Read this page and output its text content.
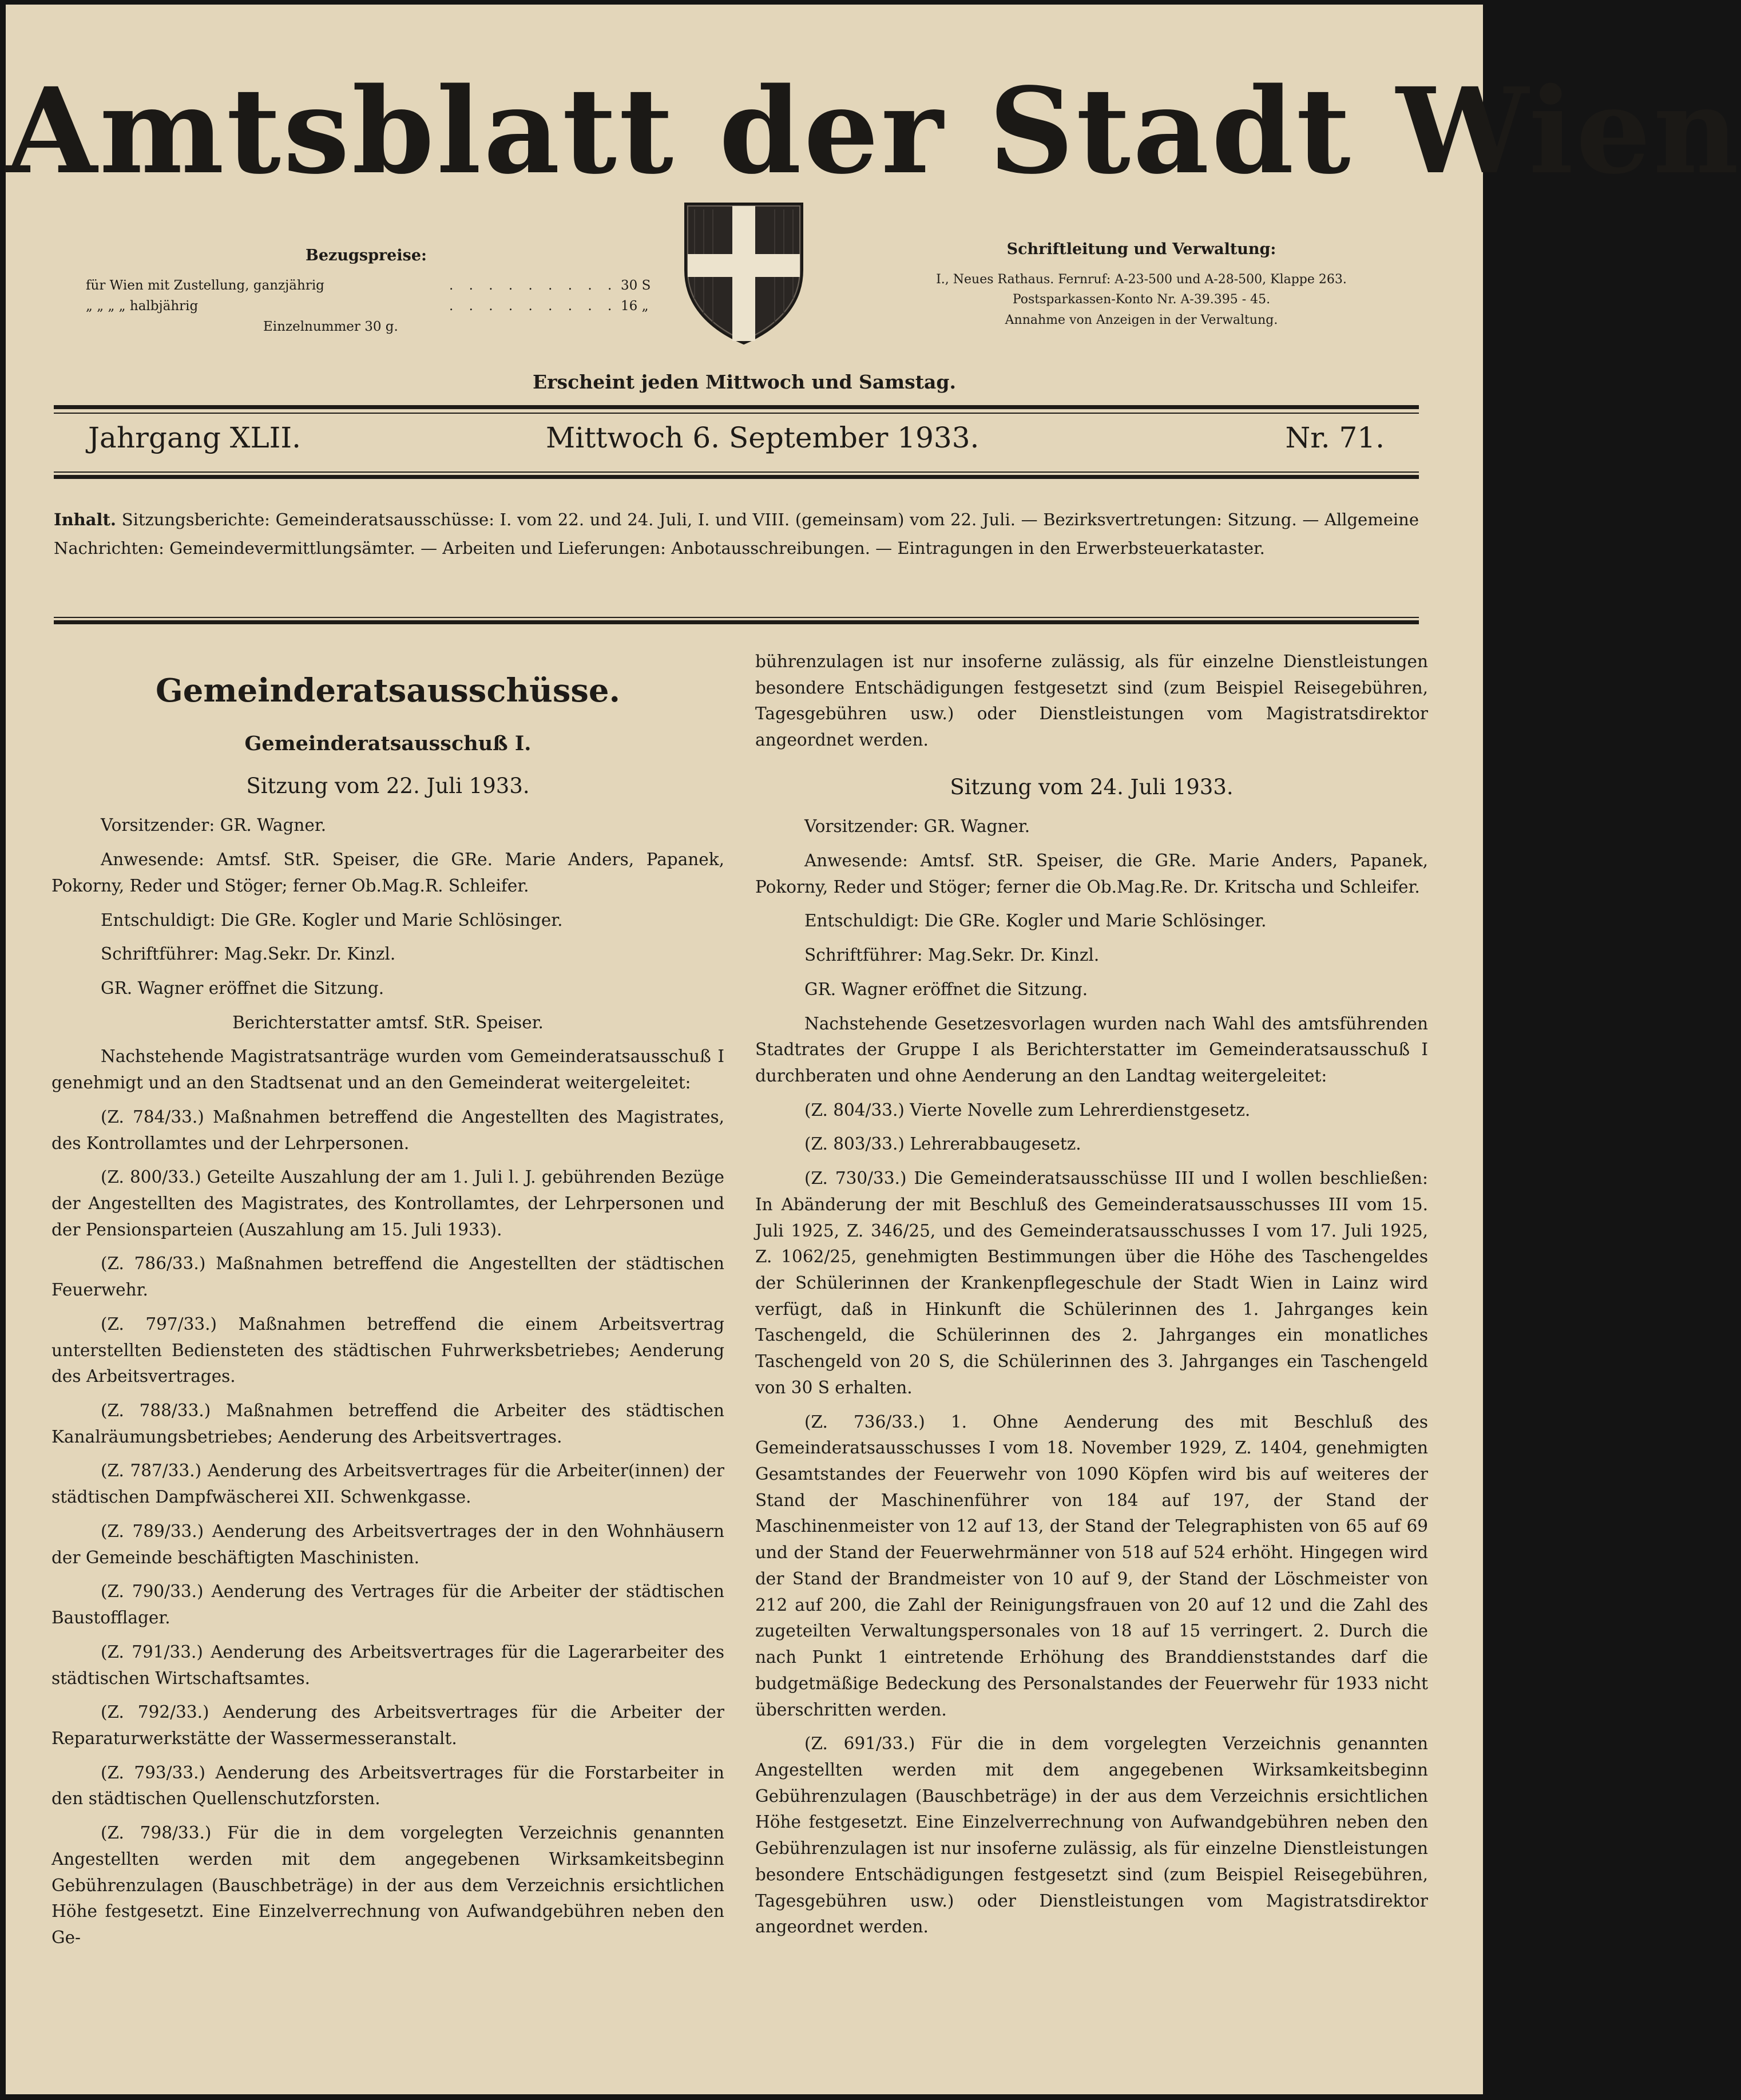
Amtsblatt der Stadt Wien
Bezugspreise:
für Wien mit Zustellung, ganzjährig	. . . . . . . . . 30 S
„ „ „ „ halbjährig	. . . . . . . . . 16 „
Einzelnummer 30 g.
Schriftleitung und Verwaltung:
I., Neues Rathaus. Fernruf: A-23-500 und A-28-500, Klappe 263.
Postsparkassen-Konto Nr. A-39.395 - 45.
Annahme von Anzeigen in der Verwaltung.
Erscheint jeden Mittwoch und Samstag.
Jahrgang XLII.	Mittwoch 6. September 1933.	Nr. 71.
Inhalt. Sitzungsberichte: Gemeinderatsausschüsse: I. vom 22. und 24. Juli, I. und VIII. (gemeinsam) vom 22. Juli. — Bezirksvertretungen: Sitzung. — Allgemeine Nachrichten: Gemeindevermittlungsämter. — Arbeiten und Lieferungen: Anbotausschreibungen. — Eintragungen in den Erwerbsteuerkataster.
Gemeinderatsausschüsse.
Gemeinderatsausschuß I.
Sitzung vom 22. Juli 1933.

Vorsitzender: GR. Wagner.

Anwesende: Amtsf. StR. Speiser, die GRe. Marie Anders, Papanek, Pokorny, Reder und Stöger; ferner Ob.Mag.R. Schleifer.

Entschuldigt: Die GRe. Kogler und Marie Schlösinger.

Schriftführer: Mag.Sekr. Dr. Kinzl.

GR. Wagner eröffnet die Sitzung.

Berichterstatter amtsf. StR. Speiser.

Nachstehende Magistratsanträge wurden vom Gemeinderatsausschuß I genehmigt und an den Stadtsenat und an den Gemeinderat weitergeleitet:

(Z. 784/33.) Maßnahmen betreffend die Angestellten des Magistrates, des Kontrollamtes und der Lehrpersonen.

(Z. 800/33.) Geteilte Auszahlung der am 1. Juli l. J. gebührenden Bezüge der Angestellten des Magistrates, des Kontrollamtes, der Lehrpersonen und der Pensionsparteien (Auszahlung am 15. Juli 1933).

(Z. 786/33.) Maßnahmen betreffend die Angestellten der städtischen Feuerwehr.

(Z. 797/33.) Maßnahmen betreffend die einem Arbeitsvertrag unterstellten Bediensteten des städtischen Fuhrwerksbetriebes; Aenderung des Arbeitsvertrages.

(Z. 788/33.) Maßnahmen betreffend die Arbeiter des städtischen Kanalräumungsbetriebes; Aenderung des Arbeitsvertrages.

(Z. 787/33.) Aenderung des Arbeitsvertrages für die Arbeiter(innen) der städtischen Dampfwäscherei XII. Schwenkgasse.

(Z. 789/33.) Aenderung des Arbeitsvertrages der in den Wohnhäusern der Gemeinde beschäftigten Maschinisten.

(Z. 790/33.) Aenderung des Vertrages für die Arbeiter der städtischen Baustofflager.

(Z. 791/33.) Aenderung des Arbeitsvertrages für die Lagerarbeiter des städtischen Wirtschaftsamtes.

(Z. 792/33.) Aenderung des Arbeitsvertrages für die Arbeiter der Reparaturwerkstätte der Wassermesseranstalt.

(Z. 793/33.) Aenderung des Arbeitsvertrages für die Forstarbeiter in den städtischen Quellenschutzforsten.

(Z. 798/33.) Für die in dem vorgelegten Verzeichnis genannten Angestellten werden mit dem angegebenen Wirksamkeitsbeginn Gebührenzulagen (Bauschbeträge) in der aus dem Verzeichnis ersichtlichen Höhe festgesetzt. Eine Einzelverrechnung von Aufwandgebühren neben den Ge-

bührenzulagen ist nur insoferne zulässig, als für einzelne Dienstleistungen besondere Entschädigungen festgesetzt sind (zum Beispiel Reisegebühren, Tagesgebühren usw.) oder Dienstleistungen vom Magistratsdirektor angeordnet werden.

Sitzung vom 24. Juli 1933.

Vorsitzender: GR. Wagner.

Anwesende: Amtsf. StR. Speiser, die GRe. Marie Anders, Papanek, Pokorny, Reder und Stöger; ferner die Ob.Mag.Re. Dr. Kritscha und Schleifer.

Entschuldigt: Die GRe. Kogler und Marie Schlösinger.

Schriftführer: Mag.Sekr. Dr. Kinzl.

GR. Wagner eröffnet die Sitzung.

Nachstehende Gesetzesvorlagen wurden nach Wahl des amtsführenden Stadtrates der Gruppe I als Berichterstatter im Gemeinderatsausschuß I durchberaten und ohne Aenderung an den Landtag weitergeleitet:

(Z. 804/33.) Vierte Novelle zum Lehrerdienstgesetz.

(Z. 803/33.) Lehrerabbaugesetz.

(Z. 730/33.) Die Gemeinderatsausschüsse III und I wollen beschließen: In Abänderung der mit Beschluß des Gemeinderatsausschusses III vom 15. Juli 1925, Z. 346/25, und des Gemeinderatsausschusses I vom 17. Juli 1925, Z. 1062/25, genehmigten Bestimmungen über die Höhe des Taschengeldes der Schülerinnen der Krankenpflegeschule der Stadt Wien in Lainz wird verfügt, daß in Hinkunft die Schülerinnen des 1. Jahrganges kein Taschengeld, die Schülerinnen des 2. Jahrganges ein monatliches Taschengeld von 20 S, die Schülerinnen des 3. Jahrganges ein Taschengeld von 30 S erhalten.

(Z. 736/33.) 1. Ohne Aenderung des mit Beschluß des Gemeinderatsausschusses I vom 18. November 1929, Z. 1404, genehmigten Gesamtstandes der Feuerwehr von 1090 Köpfen wird bis auf weiteres der Stand der Maschinenführer von 184 auf 197, der Stand der Maschinenmeister von 12 auf 13, der Stand der Telegraphisten von 65 auf 69 und der Stand der Feuerwehrmänner von 518 auf 524 erhöht. Hingegen wird der Stand der Brandmeister von 10 auf 9, der Stand der Löschmeister von 212 auf 200, die Zahl der Reinigungsfrauen von 20 auf 12 und die Zahl des zugeteilten Verwaltungspersonales von 18 auf 15 verringert. 2. Durch die nach Punkt 1 eintretende Erhöhung des Branddienststandes darf die budgetmäßige Bedeckung des Personalstandes der Feuerwehr für 1933 nicht überschritten werden.

(Z. 691/33.) Für die in dem vorgelegten Verzeichnis genannten Angestellten werden mit dem angegebenen Wirksamkeitsbeginn Gebührenzulagen (Bauschbeträge) in der aus dem Verzeichnis ersichtlichen Höhe festgesetzt. Eine Einzelverrechnung von Aufwandgebühren neben den Gebührenzulagen ist nur insoferne zulässig, als für einzelne Dienstleistungen besondere Entschädigungen festgesetzt sind (zum Beispiel Reisegebühren, Tagesgebühren usw.) oder Dienstleistungen vom Magistratsdirektor angeordnet werden.
